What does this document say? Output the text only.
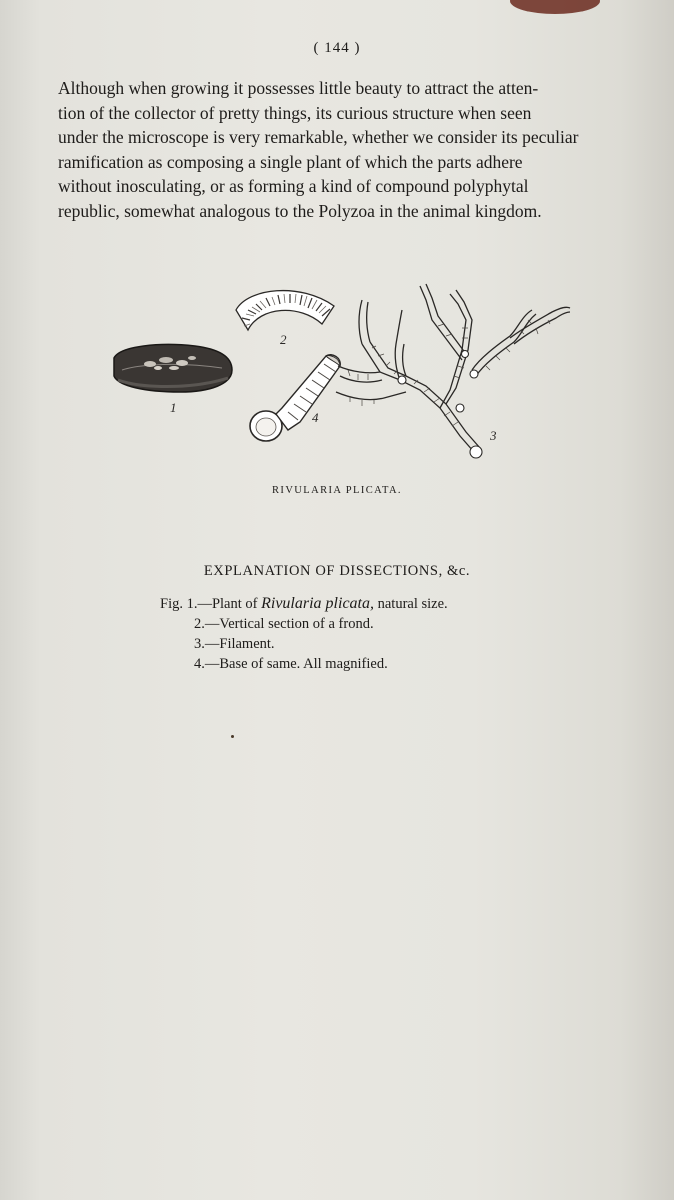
( 144 )

Although when growing it possesses little beauty to attract the atten-

tion of the collector of pretty things, its curious structure when seen

under the microscope is very remarkable, whether we consider its peculiar

ramification as composing a single plant of which the parts adhere

without inosculating, or as forming a kind of compound polyphytal

republic, somewhat analogous to the Polyzoa in the animal kingdom.

1
2
4
3
RIVULARIA PLICATA.
EXPLANATION OF DISSECTIONS, &c.
Fig. 1.—Plant of Rivularia plicata, natural size.
2.—Vertical section of a frond.
3.—Filament.
4.—Base of same. All magnified.
